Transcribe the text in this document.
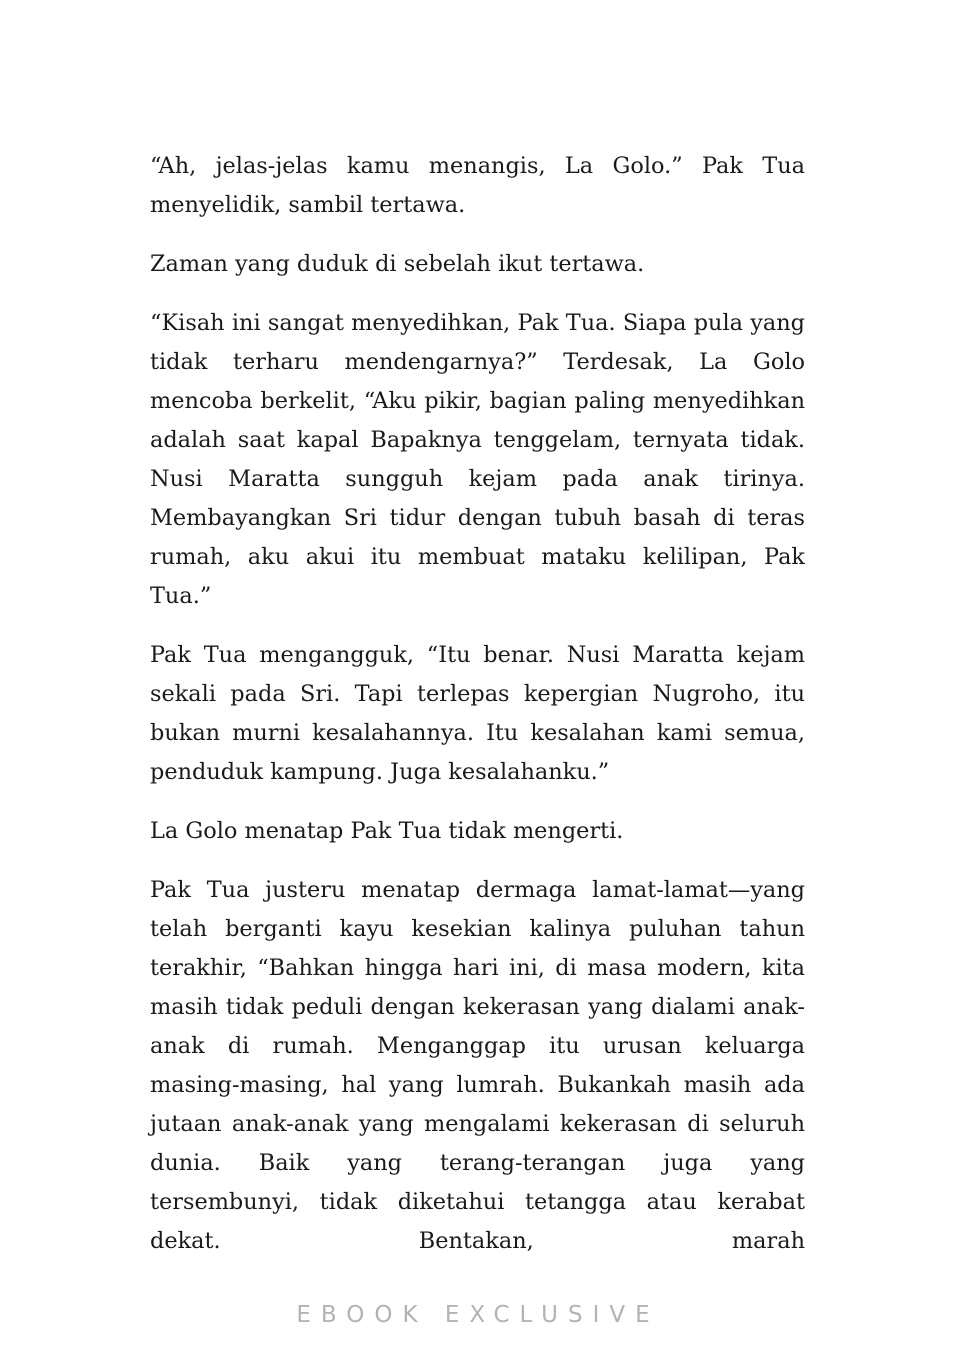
“Ah, jelas-jelas kamu menangis, La Golo.” Pak Tua menyelidik, sambil tertawa.

Zaman yang duduk di sebelah ikut tertawa.

“Kisah ini sangat menyedihkan, Pak Tua. Siapa pula yang tidak terharu mendengarnya?” Terdesak, La Golo mencoba berkelit, “Aku pikir, bagian paling menyedihkan adalah saat kapal Bapaknya tenggelam, ternyata tidak. Nusi Maratta sungguh kejam pada anak tirinya. Membayangkan Sri tidur dengan tubuh basah di teras rumah, aku akui itu membuat mataku kelilipan, Pak Tua.”

Pak Tua mengangguk, “Itu benar. Nusi Maratta kejam sekali pada Sri. Tapi terlepas kepergian Nugroho, itu bukan murni kesalahannya. Itu kesalahan kami semua, penduduk kampung. Juga kesalahanku.”

La Golo menatap Pak Tua tidak mengerti.

Pak Tua justeru menatap dermaga lamat-lamat—yang telah berganti kayu kesekian kalinya puluhan tahun terakhir, “Bahkan hingga hari ini, di masa modern, kita masih tidak peduli dengan kekerasan yang dialami anak-anak di rumah. Menganggap itu urusan keluarga masing-masing, hal yang lumrah. Bukankah masih ada jutaan anak-anak yang mengalami kekerasan di seluruh dunia. Baik yang terang-terangan juga yang tersembunyi, tidak diketahui tetangga atau kerabat dekat. Bentakan, marah

EBOOK EXCLUSIVE
